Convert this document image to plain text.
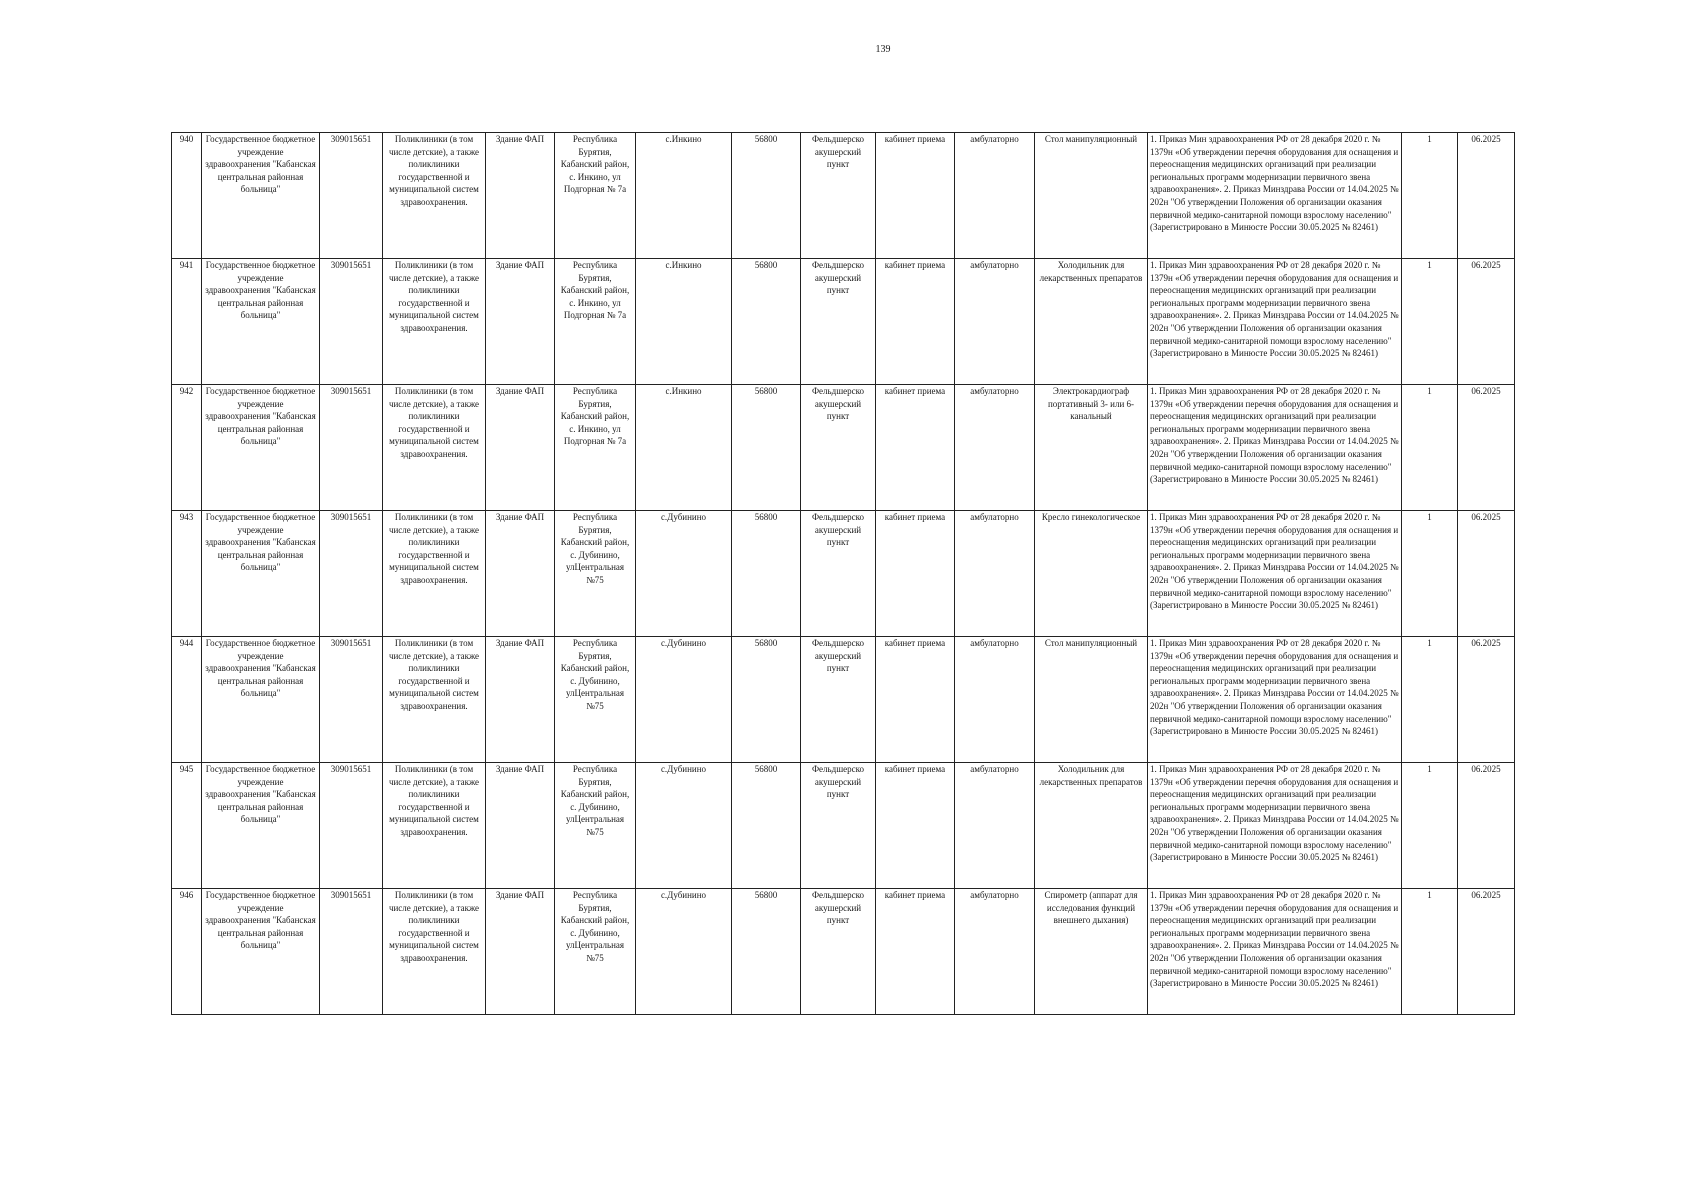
139
940	Государственное бюджетное учреждение здравоохранения "Кабанская центральная районная больница"	309015651	Поликлиники (в том числе детские), а также поликлиники государственной и муниципальной систем здравоохранения.	Здание ФАП	Республика Бурятия, Кабанский район, с. Инкино, ул Подгорная № 7а	с.Инкино	56800	Фельдшерско акушерский пункт	кабинет приема	амбулаторно	Стол манипуляционный	1. Приказ Мин здравоохранения РФ от 28 декабря 2020 г. № 1379н «Об утверждении перечня оборудования для оснащения и переоснащения медицинских организаций при реализации региональных программ модернизации первичного звена здравоохранения». 2. Приказ Минздрава России от 14.04.2025 № 202н "Об утверждении Положения об организации оказания первичной медико-санитарной помощи взрослому населению" (Зарегистрировано в Минюсте России 30.05.2025 № 82461)	1	06.2025
941	Государственное бюджетное учреждение здравоохранения "Кабанская центральная районная больница"	309015651	Поликлиники (в том числе детские), а также поликлиники государственной и муниципальной систем здравоохранения.	Здание ФАП	Республика Бурятия, Кабанский район, с. Инкино, ул Подгорная № 7а	с.Инкино	56800	Фельдшерско акушерский пункт	кабинет приема	амбулаторно	Холодильник для лекарственных препаратов	1. Приказ Мин здравоохранения РФ от 28 декабря 2020 г. № 1379н «Об утверждении перечня оборудования для оснащения и переоснащения медицинских организаций при реализации региональных программ модернизации первичного звена здравоохранения». 2. Приказ Минздрава России от 14.04.2025 № 202н "Об утверждении Положения об организации оказания первичной медико-санитарной помощи взрослому населению" (Зарегистрировано в Минюсте России 30.05.2025 № 82461)	1	06.2025
942	Государственное бюджетное учреждение здравоохранения "Кабанская центральная районная больница"	309015651	Поликлиники (в том числе детские), а также поликлиники государственной и муниципальной систем здравоохранения.	Здание ФАП	Республика Бурятия, Кабанский район, с. Инкино, ул Подгорная № 7а	с.Инкино	56800	Фельдшерско акушерский пункт	кабинет приема	амбулаторно	Электрокардиограф портативный 3- или 6-канальный	1. Приказ Мин здравоохранения РФ от 28 декабря 2020 г. № 1379н «Об утверждении перечня оборудования для оснащения и переоснащения медицинских организаций при реализации региональных программ модернизации первичного звена здравоохранения». 2. Приказ Минздрава России от 14.04.2025 № 202н "Об утверждении Положения об организации оказания первичной медико-санитарной помощи взрослому населению" (Зарегистрировано в Минюсте России 30.05.2025 № 82461)	1	06.2025
943	Государственное бюджетное учреждение здравоохранения "Кабанская центральная районная больница"	309015651	Поликлиники (в том числе детские), а также поликлиники государственной и муниципальной систем здравоохранения.	Здание ФАП	Республика Бурятия, Кабанский район, с. Дубинино, улЦентральная №75	с.Дубинино	56800	Фельдшерско акушерский пункт	кабинет приема	амбулаторно	Кресло гинекологическое	1. Приказ Мин здравоохранения РФ от 28 декабря 2020 г. № 1379н «Об утверждении перечня оборудования для оснащения и переоснащения медицинских организаций при реализации региональных программ модернизации первичного звена здравоохранения». 2. Приказ Минздрава России от 14.04.2025 № 202н "Об утверждении Положения об организации оказания первичной медико-санитарной помощи взрослому населению" (Зарегистрировано в Минюсте России 30.05.2025 № 82461)	1	06.2025
944	Государственное бюджетное учреждение здравоохранения "Кабанская центральная районная больница"	309015651	Поликлиники (в том числе детские), а также поликлиники государственной и муниципальной систем здравоохранения.	Здание ФАП	Республика Бурятия, Кабанский район, с. Дубинино, улЦентральная №75	с.Дубинино	56800	Фельдшерско акушерский пункт	кабинет приема	амбулаторно	Стол манипуляционный	1. Приказ Мин здравоохранения РФ от 28 декабря 2020 г. № 1379н «Об утверждении перечня оборудования для оснащения и переоснащения медицинских организаций при реализации региональных программ модернизации первичного звена здравоохранения». 2. Приказ Минздрава России от 14.04.2025 № 202н "Об утверждении Положения об организации оказания первичной медико-санитарной помощи взрослому населению" (Зарегистрировано в Минюсте России 30.05.2025 № 82461)	1	06.2025
945	Государственное бюджетное учреждение здравоохранения "Кабанская центральная районная больница"	309015651	Поликлиники (в том числе детские), а также поликлиники государственной и муниципальной систем здравоохранения.	Здание ФАП	Республика Бурятия, Кабанский район, с. Дубинино, улЦентральная №75	с.Дубинино	56800	Фельдшерско акушерский пункт	кабинет приема	амбулаторно	Холодильник для лекарственных препаратов	1. Приказ Мин здравоохранения РФ от 28 декабря 2020 г. № 1379н «Об утверждении перечня оборудования для оснащения и переоснащения медицинских организаций при реализации региональных программ модернизации первичного звена здравоохранения». 2. Приказ Минздрава России от 14.04.2025 № 202н "Об утверждении Положения об организации оказания первичной медико-санитарной помощи взрослому населению" (Зарегистрировано в Минюсте России 30.05.2025 № 82461)	1	06.2025
946	Государственное бюджетное учреждение здравоохранения "Кабанская центральная районная больница"	309015651	Поликлиники (в том числе детские), а также поликлиники государственной и муниципальной систем здравоохранения.	Здание ФАП	Республика Бурятия, Кабанский район, с. Дубинино, улЦентральная №75	с.Дубинино	56800	Фельдшерско акушерский пункт	кабинет приема	амбулаторно	Спирометр (аппарат для исследования функций внешнего дыхания)	1. Приказ Мин здравоохранения РФ от 28 декабря 2020 г. № 1379н «Об утверждении перечня оборудования для оснащения и переоснащения медицинских организаций при реализации региональных программ модернизации первичного звена здравоохранения». 2. Приказ Минздрава России от 14.04.2025 № 202н "Об утверждении Положения об организации оказания первичной медико-санитарной помощи взрослому населению" (Зарегистрировано в Минюсте России 30.05.2025 № 82461)	1	06.2025
